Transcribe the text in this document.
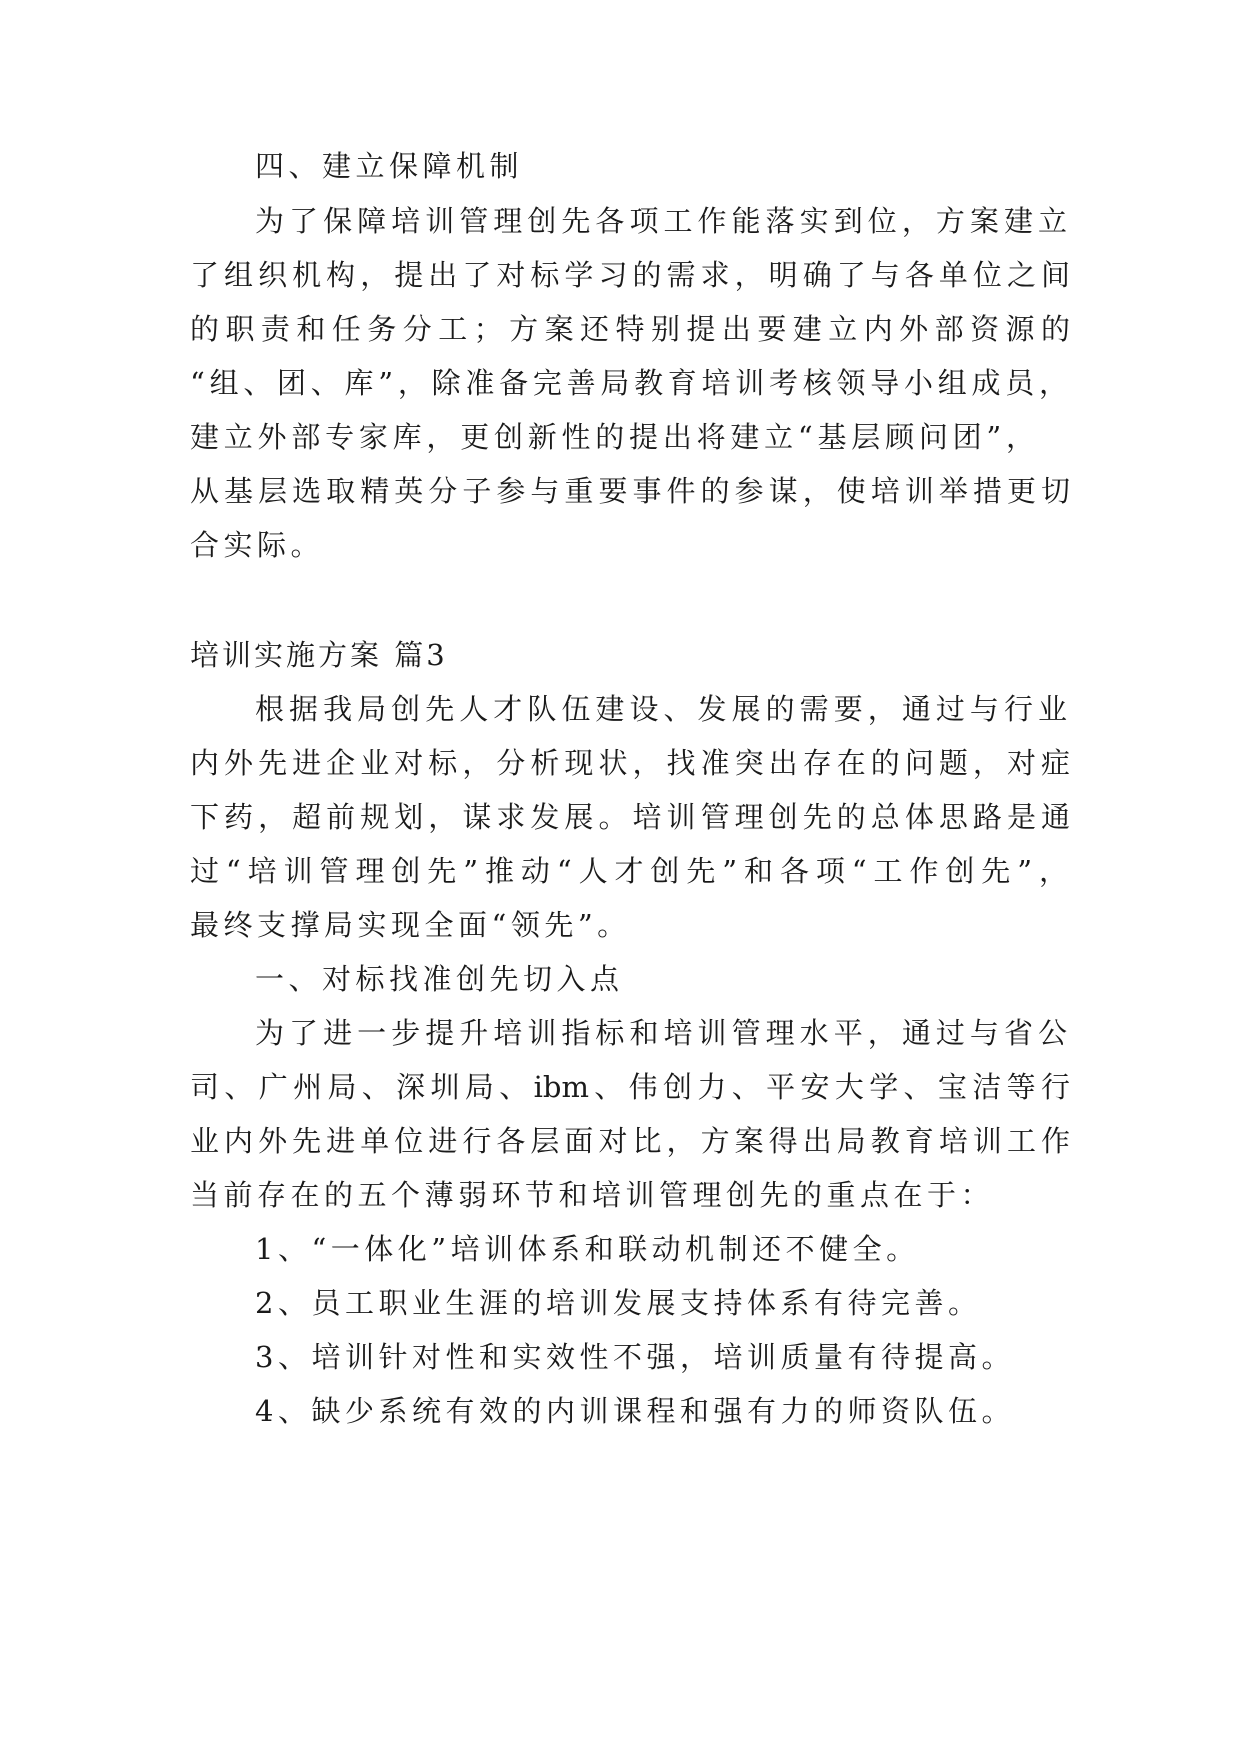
四、建立保障机制
为了保障培训管理创先各项工作能落实到位，方案建立
了组织机构，提出了对标学习的需求，明确了与各单位之间
的职责和任务分工；方案还特别提出要建立内外部资源的
“组、团、库”，除准备完善局教育培训考核领导小组成员，
建立外部专家库，更创新性的提出将建立“基层顾问团”，
从基层选取精英分子参与重要事件的参谋，使培训举措更切
合实际。
培训实施方案 篇3
根据我局创先人才队伍建设、发展的需要，通过与行业
内外先进企业对标，分析现状，找准突出存在的问题，对症
下药，超前规划，谋求发展。培训管理创先的总体思路是通
过“培训管理创先”推动“人才创先”和各项“工作创先”，
最终支撑局实现全面“领先”。
一、对标找准创先切入点
为了进一步提升培训指标和培训管理水平，通过与省公
司、广州局、深圳局、ibm、伟创力、平安大学、宝洁等行
业内外先进单位进行各层面对比，方案得出局教育培训工作
当前存在的五个薄弱环节和培训管理创先的重点在于：
1、“一体化”培训体系和联动机制还不健全。
2、员工职业生涯的培训发展支持体系有待完善。
3、培训针对性和实效性不强，培训质量有待提高。
4、缺少系统有效的内训课程和强有力的师资队伍。
